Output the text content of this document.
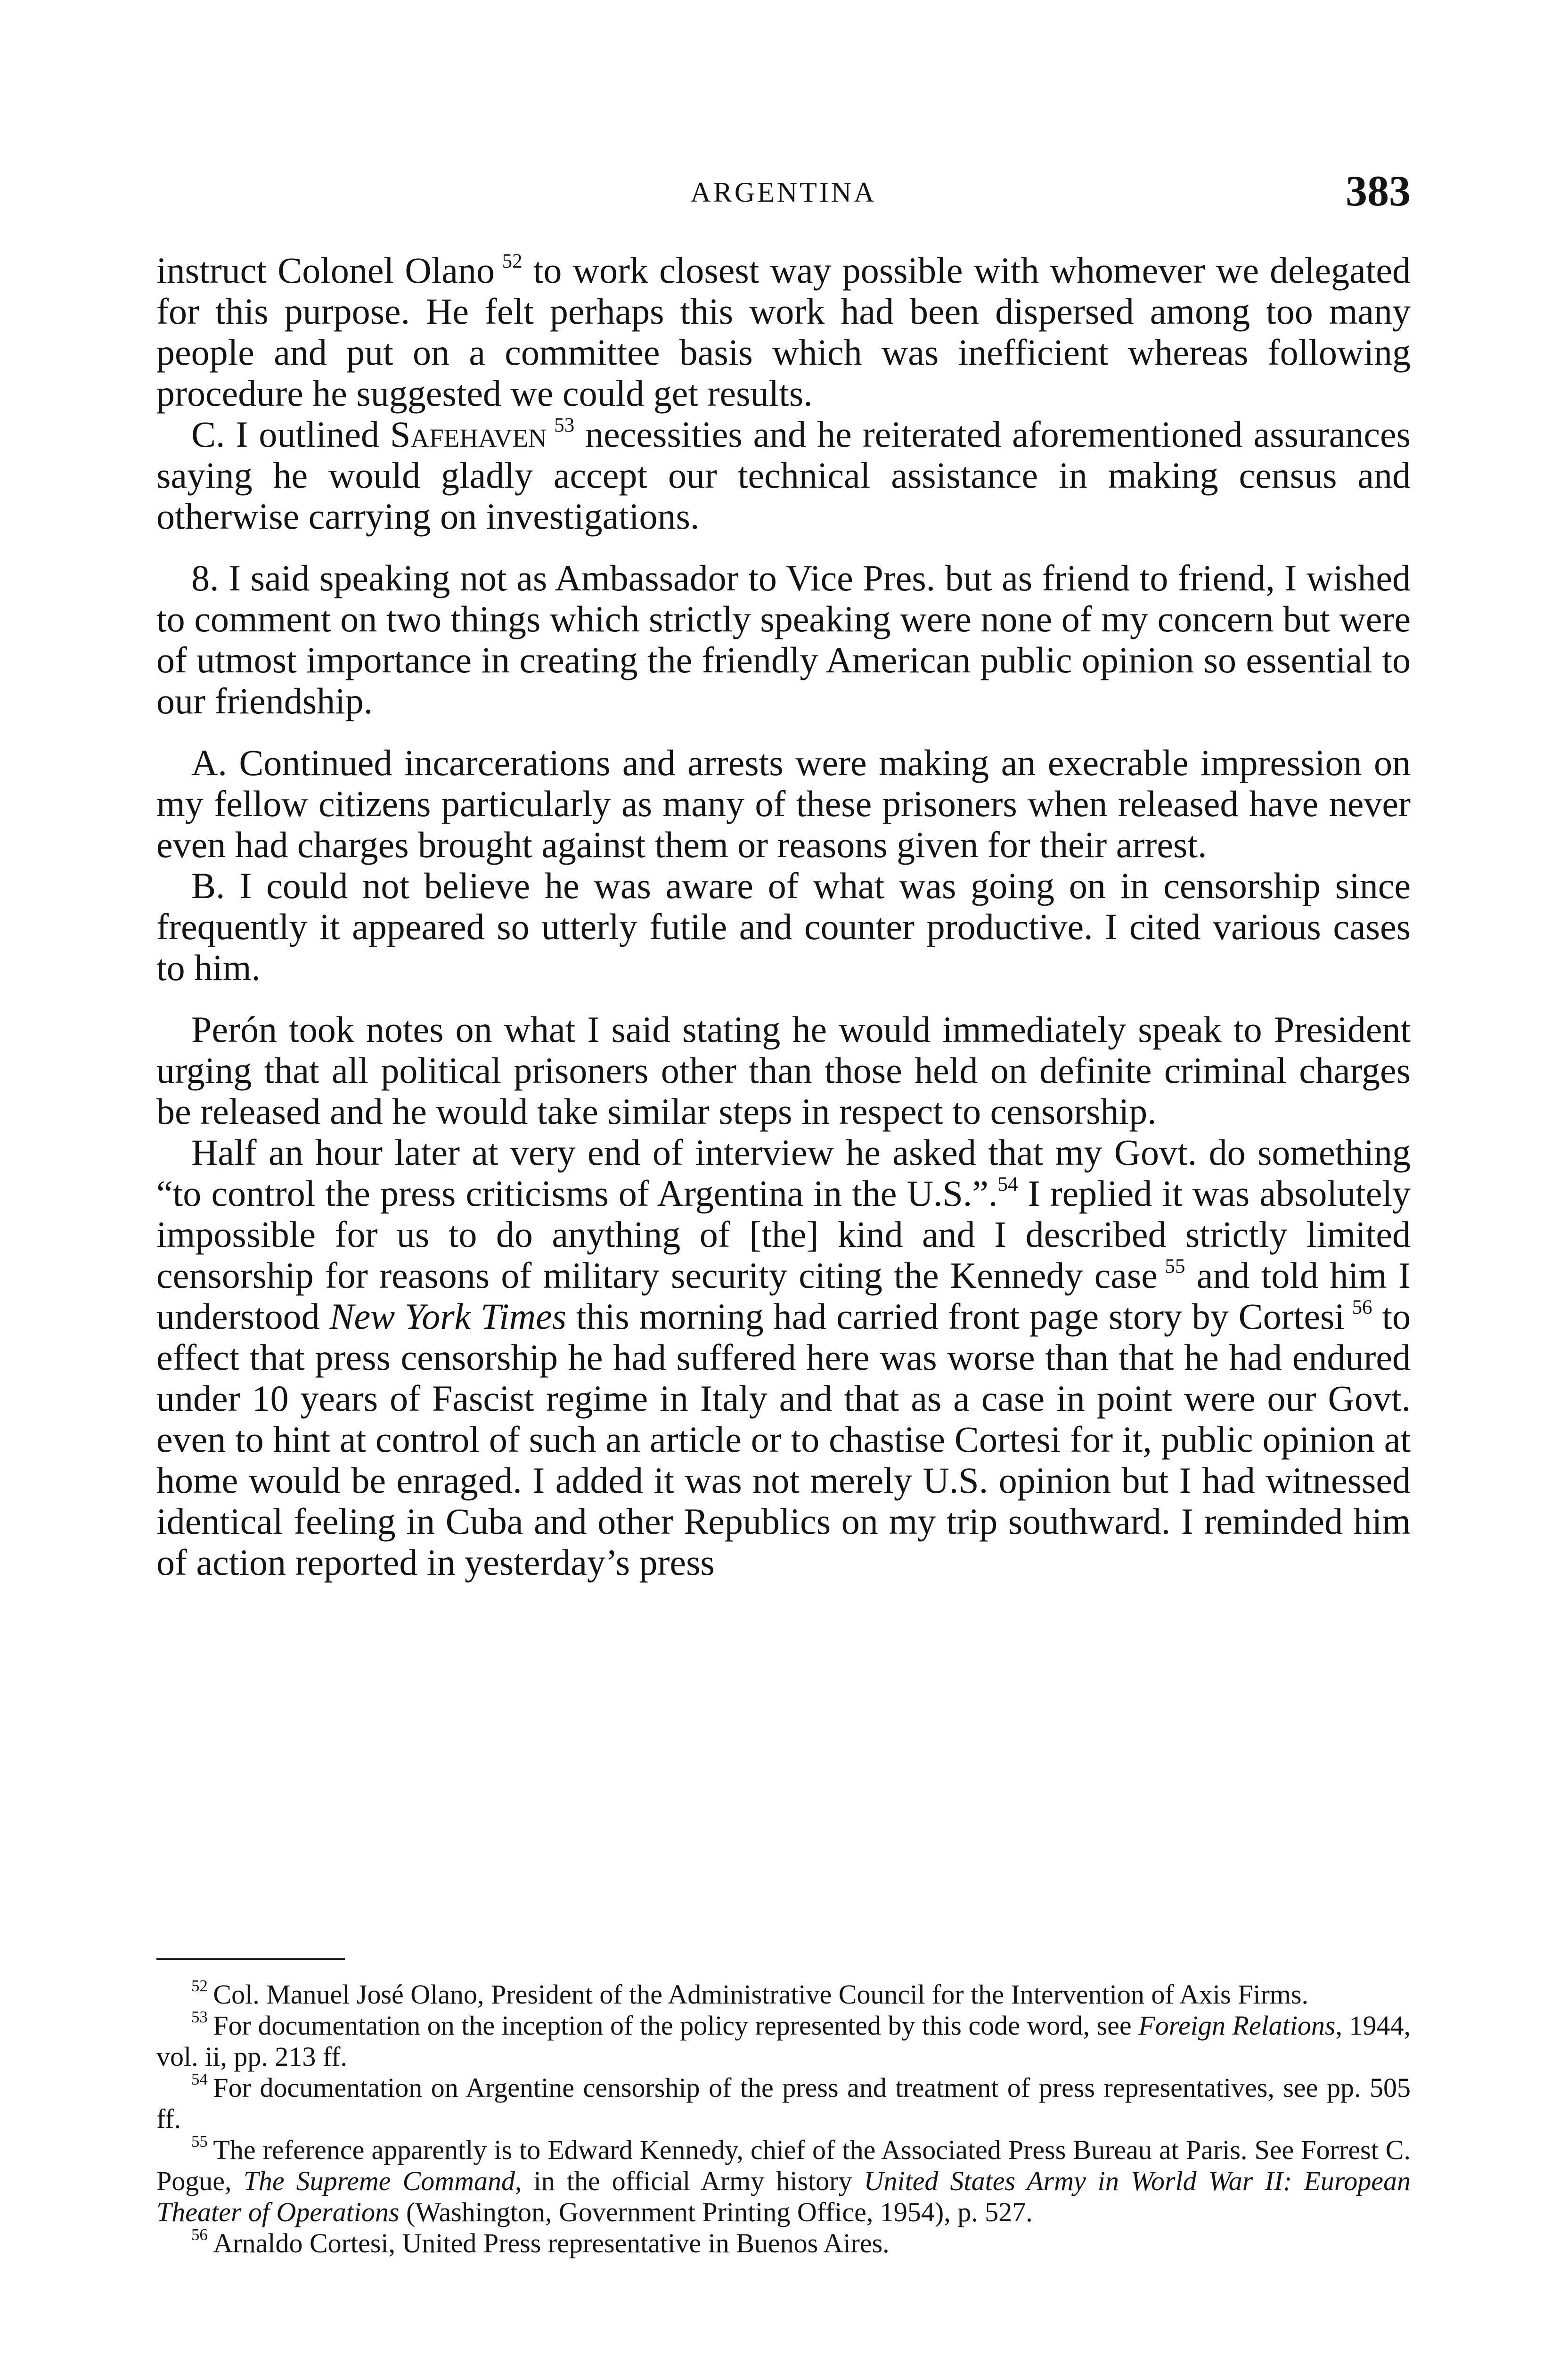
ARGENTINA	383

instruct Colonel Olano  $^{52}$ to work closest way possible with whomever we delegated for this purpose. He felt perhaps this work had been dispersed among too many people and put on a committee basis which was inefficient whereas following procedure he suggested we could get results.

C. I outlined Safehaven  $^{53}$ necessities and he reiterated aforementioned assurances saying he would gladly accept our technical assistance in making census and otherwise carrying on investigations.

8. I said speaking not as Ambassador to Vice Pres. but as friend to friend, I wished to comment on two things which strictly speaking were none of my concern but were of utmost importance in creating the friendly American public opinion so essential to our friendship.

A. Continued incarcerations and arrests were making an execrable impression on my fellow citizens particularly as many of these prisoners when released have never even had charges brought against them or reasons given for their arrest.

B. I could not believe he was aware of what was going on in censorship since frequently it appeared so utterly futile and counter productive. I cited various cases to him.

Perón took notes on what I said stating he would immediately speak to President urging that all political prisoners other than those held on definite criminal charges be released and he would take similar steps in respect to censorship.

Half an hour later at very end of interview he asked that my Govt. do something “to control the press criticisms of Argentina in the U.S.”.$^{54}$ I replied it was absolutely impossible for us to do anything of [the] kind and I described strictly limited censorship for reasons of military security citing the Kennedy case  $^{55}$ and told him I understood New York Times this morning had carried front page story by Cortesi  $^{56}$ to effect that press censorship he had suffered here was worse than that he had endured under 10 years of Fascist regime in Italy and that as a case in point were our Govt. even to hint at control of such an article or to chastise Cortesi for it, public opinion at home would be enraged. I added it was not merely U.S. opinion but I had witnessed identical feeling in Cuba and other Republics on my trip southward. I reminded him of action reported in yesterday’s press

$^{52}$  Col. Manuel José Olano, President of the Administrative Council for the Intervention of Axis Firms.

$^{53}$  For documentation on the inception of the policy represented by this code word, see Foreign Relations, 1944, vol. ii, pp. 213 ff.

$^{54}$  For documentation on Argentine censorship of the press and treatment of press representatives, see pp. 505 ff.

$^{55}$  The reference apparently is to Edward Kennedy, chief of the Associated Press Bureau at Paris. See Forrest C. Pogue, The Supreme Command, in the official Army history United States Army in World War II: European Theater of Operations (Washington, Government Printing Office, 1954), p. 527.

$^{56}$  Arnaldo Cortesi, United Press representative in Buenos Aires.
